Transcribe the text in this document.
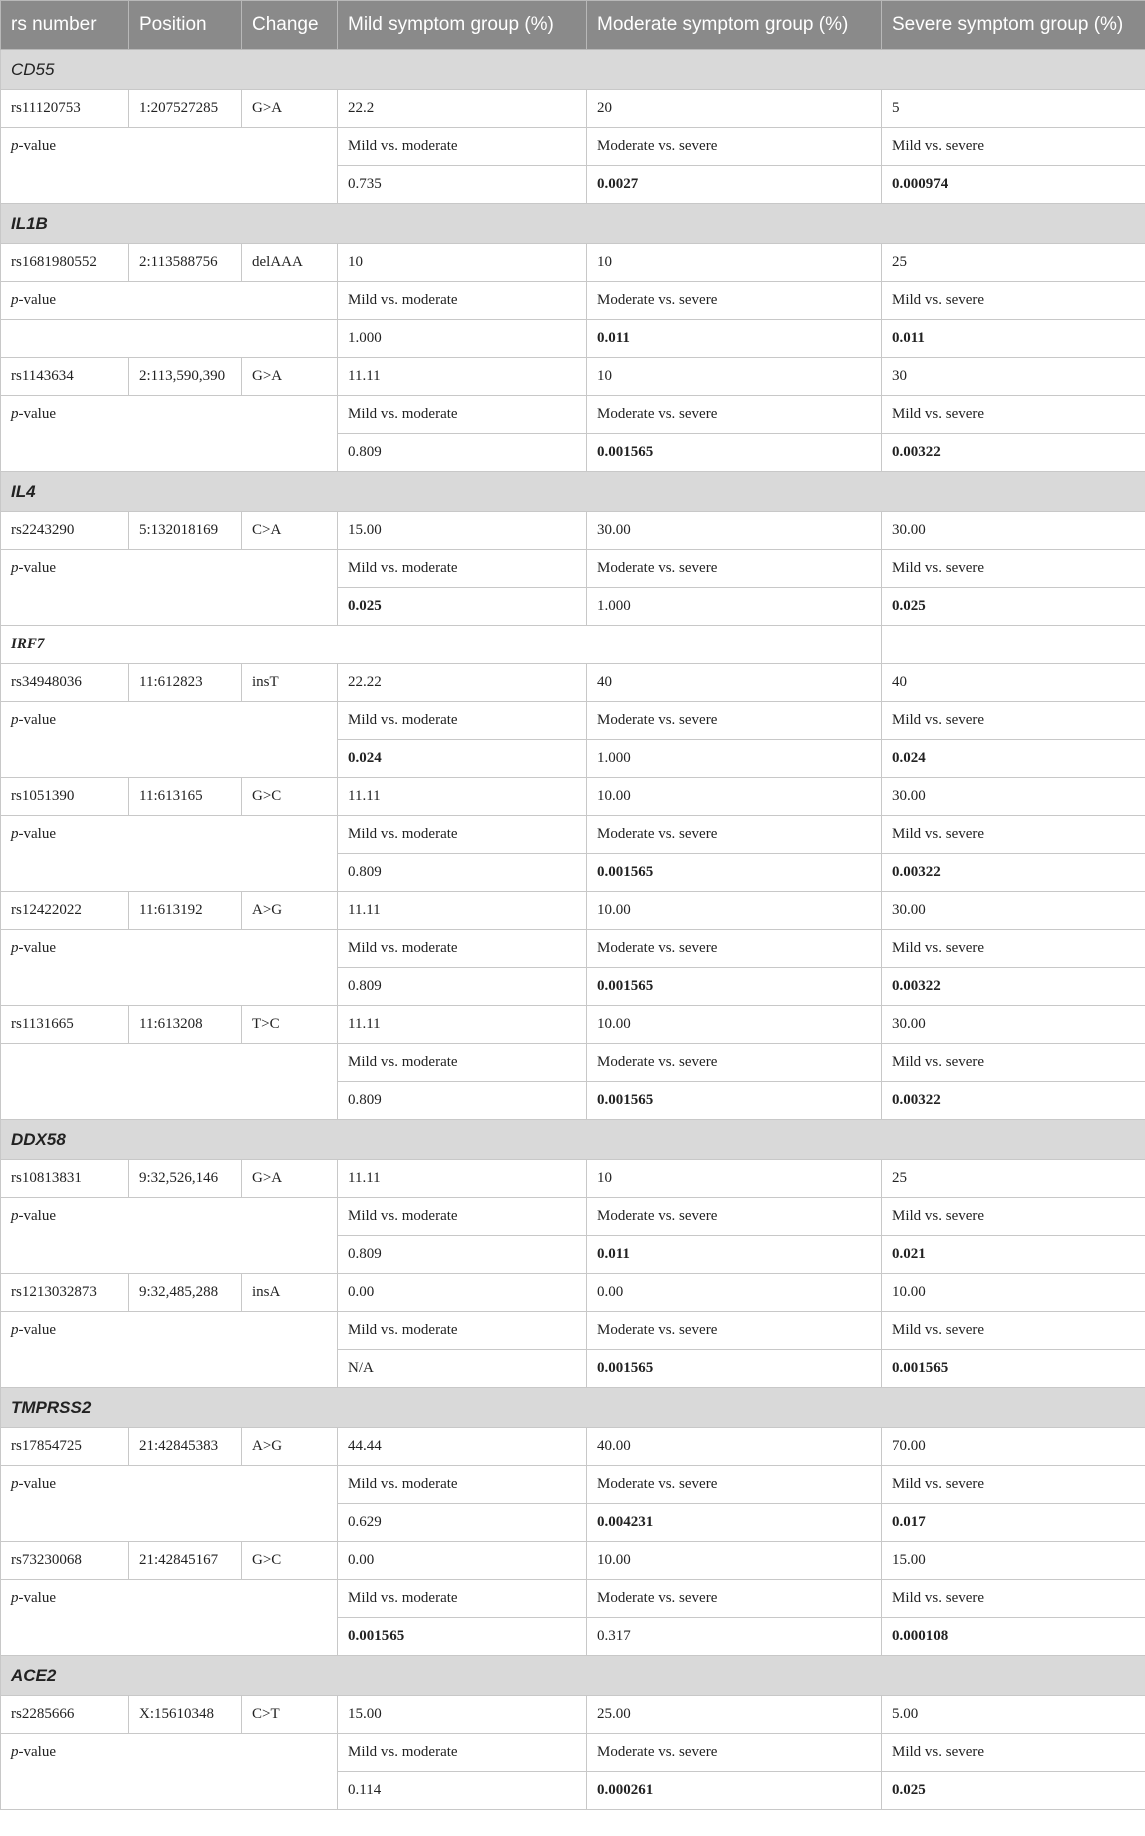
rs number	Position	Change	Mild symptom group (%)	Moderate symptom group (%)	Severe symptom group (%)
CD55					
rs11120753	1:207527285	G>A	22.2	20	5
p-value			Mild vs. moderate	Moderate vs. severe	Mild vs. severe
			0.735	0.0027	0.000974
IL1B					
rs1681980552	2:113588756	delAAA	10	10	25
p-value			Mild vs. moderate	Moderate vs. severe	Mild vs. severe
			1.000	0.011	0.011
rs1143634	2:113,590,390	G>A	11.11	10	30
p-value			Mild vs. moderate	Moderate vs. severe	Mild vs. severe
			0.809	0.001565	0.00322
IL4					
rs2243290	5:132018169	C>A	15.00	30.00	30.00
p-value			Mild vs. moderate	Moderate vs. severe	Mild vs. severe
			0.025	1.000	0.025
IRF7					
rs34948036	11:612823	insT	22.22	40	40
p-value			Mild vs. moderate	Moderate vs. severe	Mild vs. severe
			0.024	1.000	0.024
rs1051390	11:613165	G>C	11.11	10.00	30.00
p-value			Mild vs. moderate	Moderate vs. severe	Mild vs. severe
			0.809	0.001565	0.00322
rs12422022	11:613192	A>G	11.11	10.00	30.00
p-value			Mild vs. moderate	Moderate vs. severe	Mild vs. severe
			0.809	0.001565	0.00322
rs1131665	11:613208	T>C	11.11	10.00	30.00
			Mild vs. moderate	Moderate vs. severe	Mild vs. severe
			0.809	0.001565	0.00322
DDX58					
rs10813831	9:32,526,146	G>A	11.11	10	25
p-value			Mild vs. moderate	Moderate vs. severe	Mild vs. severe
			0.809	0.011	0.021
rs1213032873	9:32,485,288	insA	0.00	0.00	10.00
p-value			Mild vs. moderate	Moderate vs. severe	Mild vs. severe
			N/A	0.001565	0.001565
TMPRSS2					
rs17854725	21:42845383	A>G	44.44	40.00	70.00
p-value			Mild vs. moderate	Moderate vs. severe	Mild vs. severe
			0.629	0.004231	0.017
rs73230068	21:42845167	G>C	0.00	10.00	15.00
p-value			Mild vs. moderate	Moderate vs. severe	Mild vs. severe
			0.001565	0.317	0.000108
ACE2					
rs2285666	X:15610348	C>T	15.00	25.00	5.00
p-value			Mild vs. moderate	Moderate vs. severe	Mild vs. severe
			0.114	0.000261	0.025
